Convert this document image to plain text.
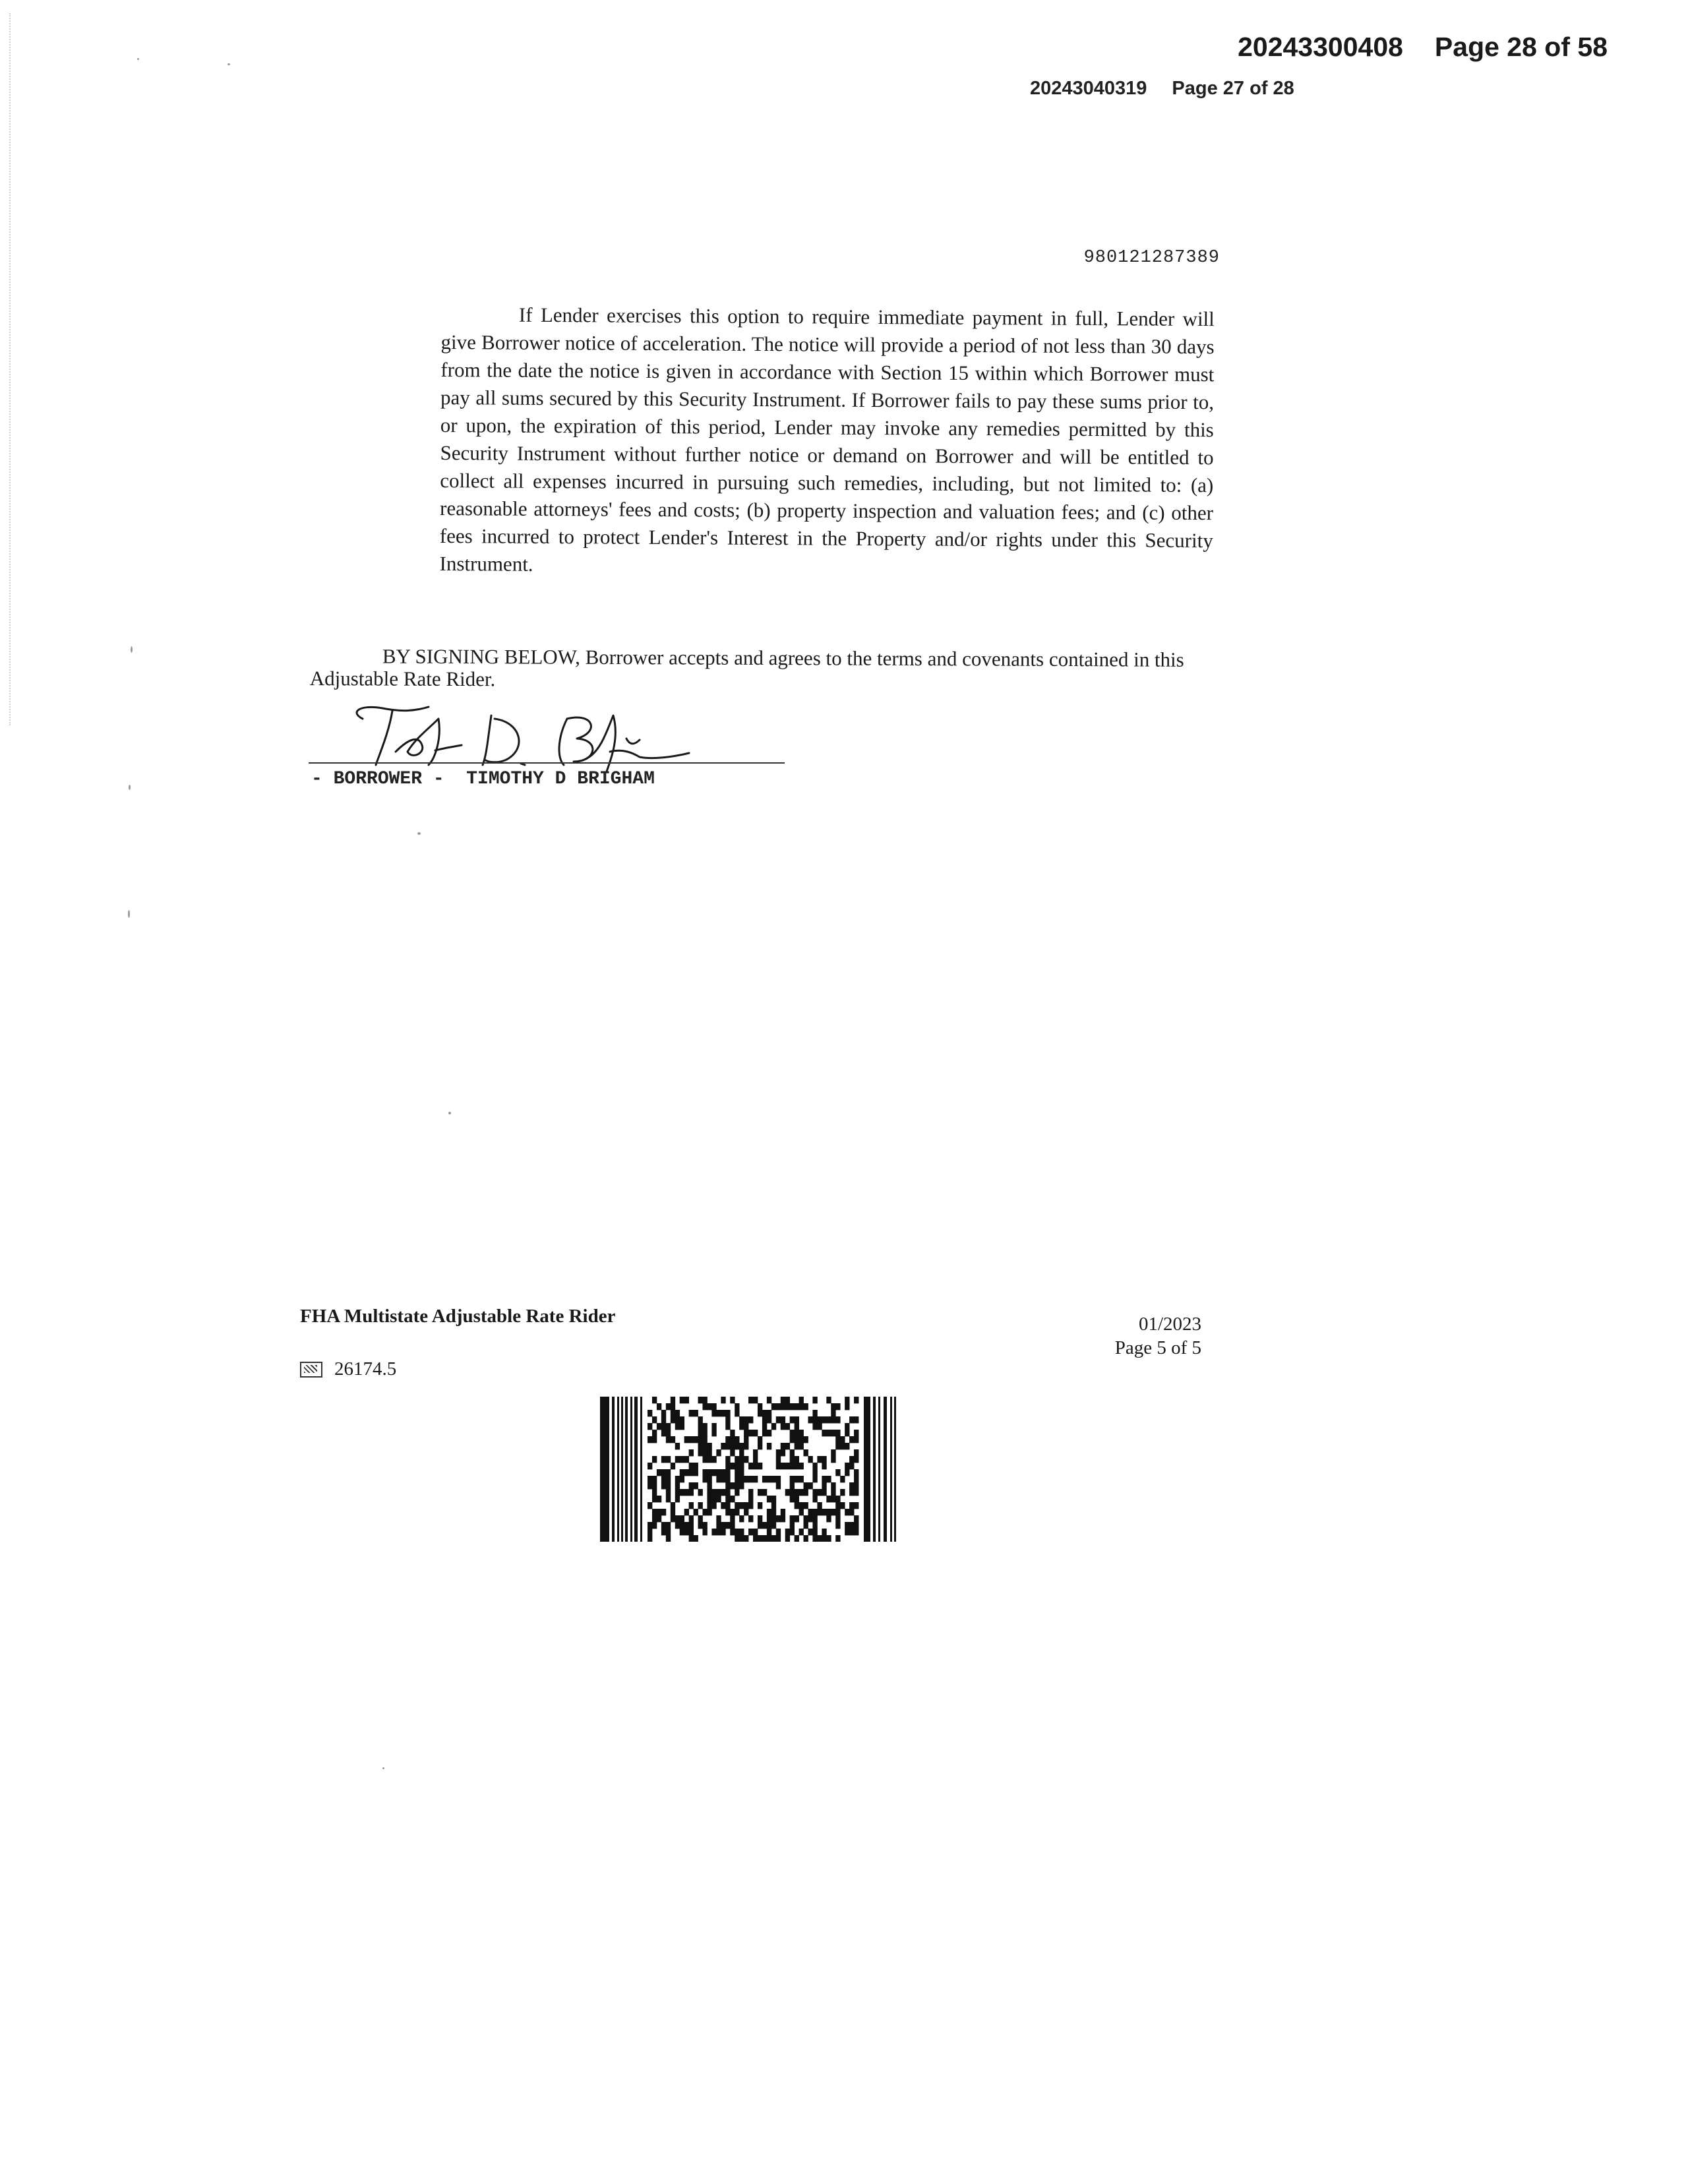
20243300408 Page 28 of 58
20243040319 Page 27 of 28
980121287389
If Lender exercises this option to require immediate payment in full, Lender will give Borrower notice of acceleration. The notice will provide a period of not less than 30 days from the date the notice is given in accordance with Section 15 within which Borrower must pay all sums secured by this Security Instrument. If Borrower fails to pay these sums prior to, or upon, the expiration of this period, Lender may invoke any remedies permitted by this Security Instrument without further notice or demand on Borrower and will be entitled to collect all expenses incurred in pursuing such remedies, including, but not limited to: (a) reasonable attorneys' fees and costs; (b) property inspection and valuation fees; and (c) other fees incurred to protect Lender's Interest in the Property and/or rights under this Security Instrument.
BY SIGNING BELOW, Borrower accepts and agrees to the terms and covenants contained in this Adjustable Rate Rider.
- BORROWER -  TIMOTHY D BRIGHAM
FHA Multistate Adjustable Rate Rider	01/2023
Page 5 of 5
26174.5
